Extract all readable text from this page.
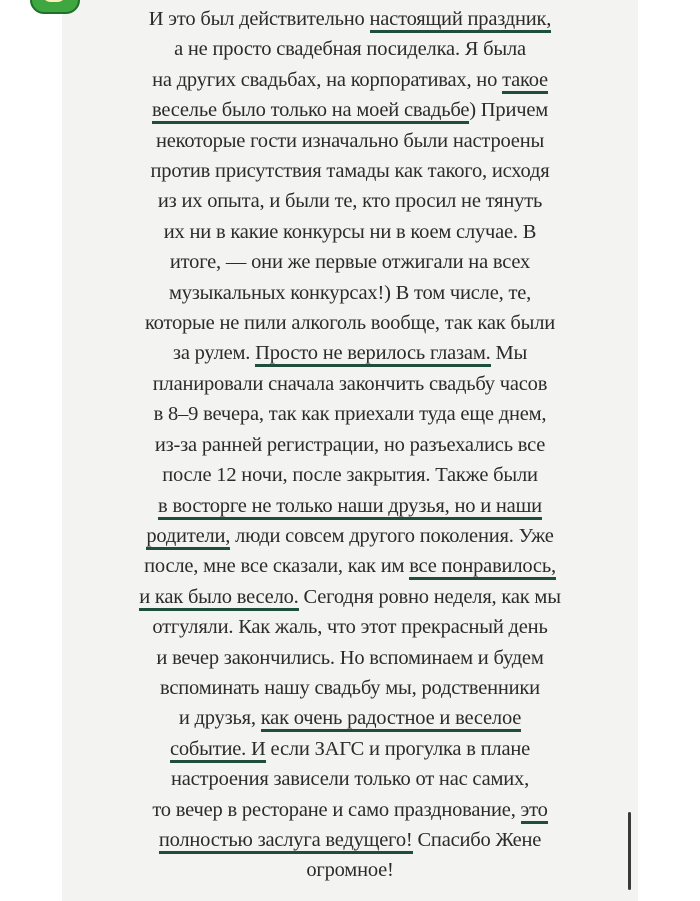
И это был действительно настоящий праздник,
а не просто свадебная посиделка. Я была
на других свадьбах, на корпоративах, но такое
веселье было только на моей свадьбе) Причем
некоторые гости изначально были настроены
против присутствия тамады как такого, исходя
из их опыта, и были те, кто просил не тянуть
их ни в какие конкурсы ни в коем случае. В
итоге, — они же первые отжигали на всех
музыкальных конкурсах!) В том числе, те,
которые не пили алкоголь вообще, так как были
за рулем. Просто не верилось глазам. Мы
планировали сначала закончить свадьбу часов
в 8–9 вечера, так как приехали туда еще днем,
из-за ранней регистрации, но разъехались все
после 12 ночи, после закрытия. Также были
в восторге не только наши друзья, но и наши
родители, люди совсем другого поколения. Уже
после, мне все сказали, как им все понравилось,
и как было весело. Сегодня ровно неделя, как мы
отгуляли. Как жаль, что этот прекрасный день
и вечер закончились. Но вспоминаем и будем
вспоминать нашу свадьбу мы, родственники
и друзья, как очень радостное и веселое
событие. И если ЗАГС и прогулка в плане
настроения зависели только от нас самих,
то вечер в ресторане и само празднование, это
полностью заслуга ведущего! Спасибо Жене
огромное!
